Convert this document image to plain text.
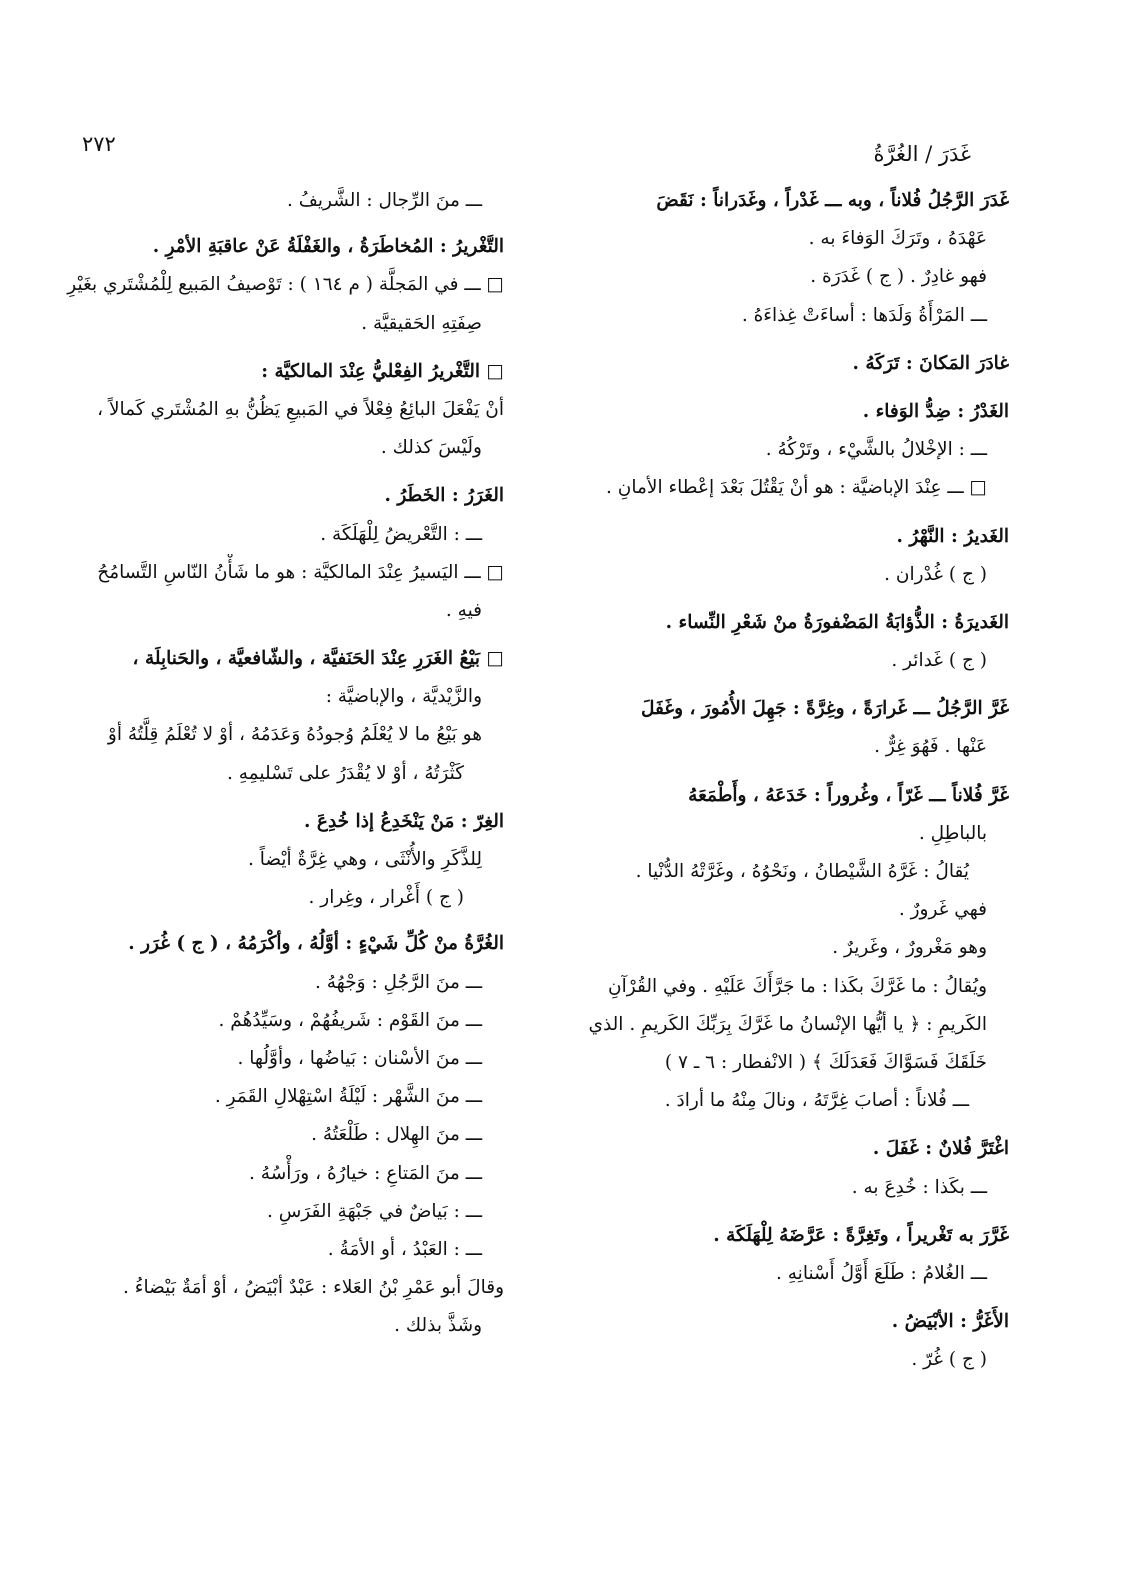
٢٧٢	غَدَرَ / الغُرَّةُ
غَدَرَ الرَّجُلُ فُلاناً ، وبه ـــ غَدْراً ، وغَدَراناً : نَقَضَ
عَهْدَهُ ، وتَرَكَ الوَفاءَ به .
فهو غادِرٌ . ( ج ) غَدَرَة .
ـــ المَرْأَةُ وَلَدَها : أساءَتْ غِذاءَهُ .
غادَرَ المَكانَ : تَرَكَهُ .
الغَدْرُ : ضِدُّ الوَفاء .
ـــ : الإخْلالُ بالشَّيْء ، وتَرْكُهُ .
□ ـــ عِنْدَ الإباضيَّة : هو أنْ يَقْتُلَ بَعْدَ إعْطاء الأمانِ .
الغَديرُ : النَّهْرُ .
( ج ) غُدْران .
الغَديرَةُ : الذُّؤابَةُ المَضْفورَةُ منْ شَعْرِ النِّساء .
( ج ) غَدائر .
غَرَّ الرَّجُلُ ـــ غَرارَةً ، وغِرَّةً : جَهِلَ الأُمُورَ ، وغَفَلَ
عَنْها . فَهُوَ غِرٌّ .
غَرَّ فُلاناً ـــ غَرّاً ، وغُروراً : خَدَعَهُ ، وأَطْمَعَهُ
بالباطِلِ .
يُقالُ : غَرَّهُ الشَّيْطانُ ، ونَحْوُهُ ، وغَرَّتْهُ الدُّنْيا .
فهي غَرورٌ .
وهو مَغْرورٌ ، وغَريرٌ .
ويُقالُ : ما غَرَّكَ بكَذا : ما جَرَّأَكَ عَلَيْهِ . وفي القُرْآنِ
الكَريمِ : ﴿ يا أيُّها الإنْسانُ ما غَرَّكَ بِرَبِّكَ الكَريمِ . الذي
خَلَقَكَ فَسَوَّاكَ فَعَدَلَكَ ﴾ ( الانْفطار : ٦ ـ ٧ )
ـــ فُلاناً : أصابَ غِرَّتَهُ ، ونالَ مِنْهُ ما أرادَ .
اغْتَرَّ فُلانٌ : غَفَلَ .
ـــ بكَذا : خُدِعَ به .
غَرَّرَ به تَغْريراً ، وتَغِرَّةً : عَرَّضَهُ لِلْهَلَكَة .
ـــ الغُلامُ : طَلَعَ أَوَّلُ أَسْنانِهِ .
الأَغَرُّ : الأبْيَضُ .
( ج ) غُرّ .
ـــ منَ الرِّجال : الشَّريفُ .
التَّغْريرُ : المُخاطَرَةُ ، والغَفْلَةُ عَنْ عاقبَةِ الأمْرِ .
□ ـــ في المَجلَّة ( م ١٦٤ ) : تَوْصيفُ المَبيع لِلْمُشْتَري بغَيْرِ
صِفَتِهِ الحَقيقيَّة .
□ التَّغْريرُ الفِعْليُّ عِنْدَ المالكيَّة :
أنْ يَفْعَلَ البائِعُ فِعْلاً في المَبيعِ يَظُنُّ بهِ المُشْتَري كَمالاً ،
ولَيْسَ كذلك .
الغَرَرُ : الخَطَرُ .
ـــ : التَّعْريضُ لِلْهَلَكَة .
□ ـــ اليَسيرُ عِنْدَ المالكيَّة : هو ما شَأْنُ النّاسِ التَّسامُحُ
فيهِ .
□ بَيْعُ الغَرَرِ عِنْدَ الحَنَفيَّة ، والشّافعيَّة ، والحَنابِلَة ،
والزَّيْديَّة ، والإباضيَّة :
هو بَيْعُ ما لا يُعْلَمُ وُجودُهُ وَعَدَمُهُ ، أوْ لا تُعْلَمُ قِلَّتُهُ أوْ
كَثْرَتُهُ ، أوْ لا يُقْدَرُ على تَسْليمِهِ .
الغِرّ : مَنْ يَنْخَدِعُ إذا خُدِعَ .
لِلذَّكَرِ والأُنْثَى ، وهي غِرَّةٌ أيْضاً .
( ج ) أَغْرار ، وغِرار .
الغُرَّةُ منْ كُلِّ شَيْءٍ : أوَّلُهُ ، وأكْرَمُهُ ، ( ج ) غُرَر .
ـــ منَ الرَّجُلِ : وَجْهُهُ .
ـــ منَ القَوْم : شَريفُهُمْ ، وسَيِّدُهُمْ .
ـــ منَ الأسْنان : بَياضُها ، وأوَّلُها .
ـــ منَ الشَّهْر : لَيْلَةُ اسْتِهْلالِ القَمَرِ .
ـــ منَ الهِلال : طَلْعَتُهُ .
ـــ منَ المَتاعِ : خيارُهُ ، ورَأْسُهُ .
ـــ : بَياضٌ في جَبْهَةِ الفَرَسِ .
ـــ : العَبْدُ ، أو الأمَةُ .
وقالَ أبو عَمْرِ بْنُ العَلاء : عَبْدٌ أبْيَضُ ، أوْ أمَةٌ بَيْضاءُ .
وشَذَّ بذلك .
